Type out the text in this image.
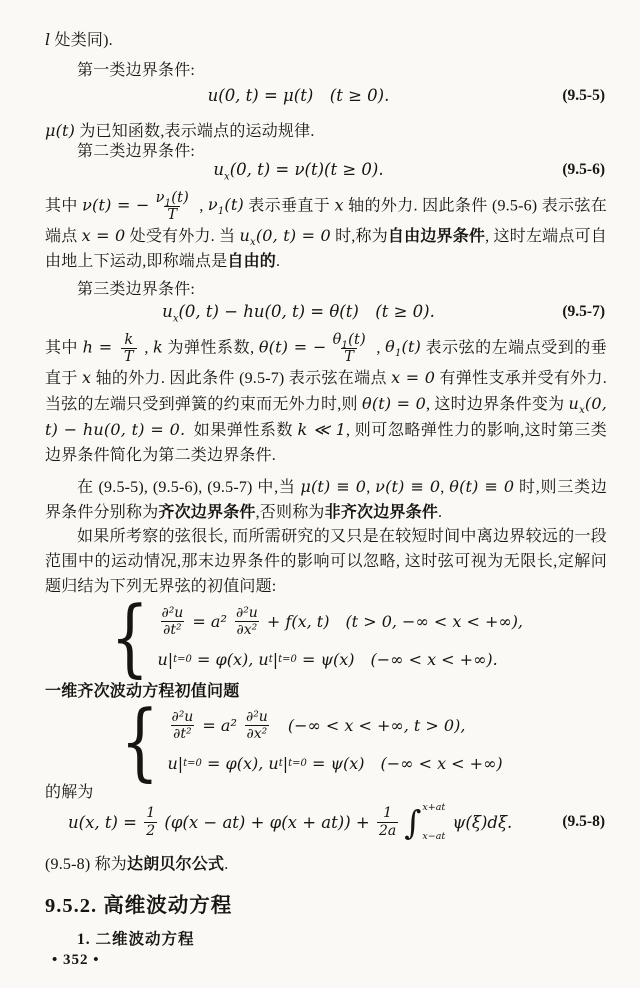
l 处类同).

第一类边界条件:

u(0, t) = μ(t) (t ≥ 0).	(9.5-5)

μ(t) 为已知函数,表示端点的运动规律.

第二类边界条件:

$u_x(0$, t) = ν(t)(t ≥ 0).	(9.5-6)

其中 ν(t) = − $\frac{\nu_1(t)}{T}$ , $\nu_1(t)$ 表示垂直于 x 轴的外力. 因此条件 (9.5-6) 表示弦在端点 x = 0 处受有外力. 当 $u_x(0$, t) = 0 时,称为自由边界条件, 这时左端点可自由地上下运动,即称端点是自由的.

第三类边界条件:

$u_x(0$, t) − hu(0, t) = θ(t) (t ≥ 0).	(9.5-7)

其中 $h = \frac{k}{T}$ , k 为弹性系数, θ(t) = − $\frac{\theta_1(t)}{T}$ , $\theta_1(t)$ 表示弦的左端点受到的垂直于 x 轴的外力. 因此条件 (9.5-7) 表示弦在端点 x = 0 有弹性支承并受有外力. 当弦的左端只受到弹簧的约束而无外力时,则 θ(t) = 0, 这时边界条件变为 $u_x(0$, t) − hu(0, t) = 0. 如果弹性系数 k ≪ 1, 则可忽略弹性力的影响,这时第三类边界条件简化为第二类边界条件.

在 (9.5-5), (9.5-6), (9.5-7) 中,当 μ(t) ≡ 0, ν(t) ≡ 0, θ(t) ≡ 0 时,则三类边界条件分别称为齐次边界条件,否则称为非齐次边界条件.

如果所考察的弦很长, 而所需研究的又只是在较短时间中离边界较远的一段范围中的运动情况,那末边界条件的影响可以忽略, 这时弦可视为无限长,定解问题归结为下列无界弦的初值问题:

{ $\frac{\text{∂²u}}{\text{∂t²}} = a^2 \frac{\text{∂²u}}{\text{∂x²}} + f(x$, t) (t > 0, −∞ < x < +∞),
u| t=0 = φ(x), u t | t=0 = ψ(x) (−∞ < x < +∞).

一维齐次波动方程初值问题

{ $\frac{\text{∂²u}}{\text{∂t²}} = a^2 \frac{\text{∂²u}}{\text{∂x²}}$  (−∞ < x < +∞, t > 0),
u| t=0 = φ(x), u t | t=0 = ψ(x) (−∞ < x < +∞)

的解为

u(x, $t) = \frac{1}{2} (\varphi(x - at) + \varphi(x + at)) + \frac{1}{2a}$ ∫ x+at
x−at
ψ(ξ)dξ.	(9.5-8)

(9.5-8) 称为达朗贝尔公式.

9.5.2. 高维波动方程
1. 二维波动方程

• 352 •
